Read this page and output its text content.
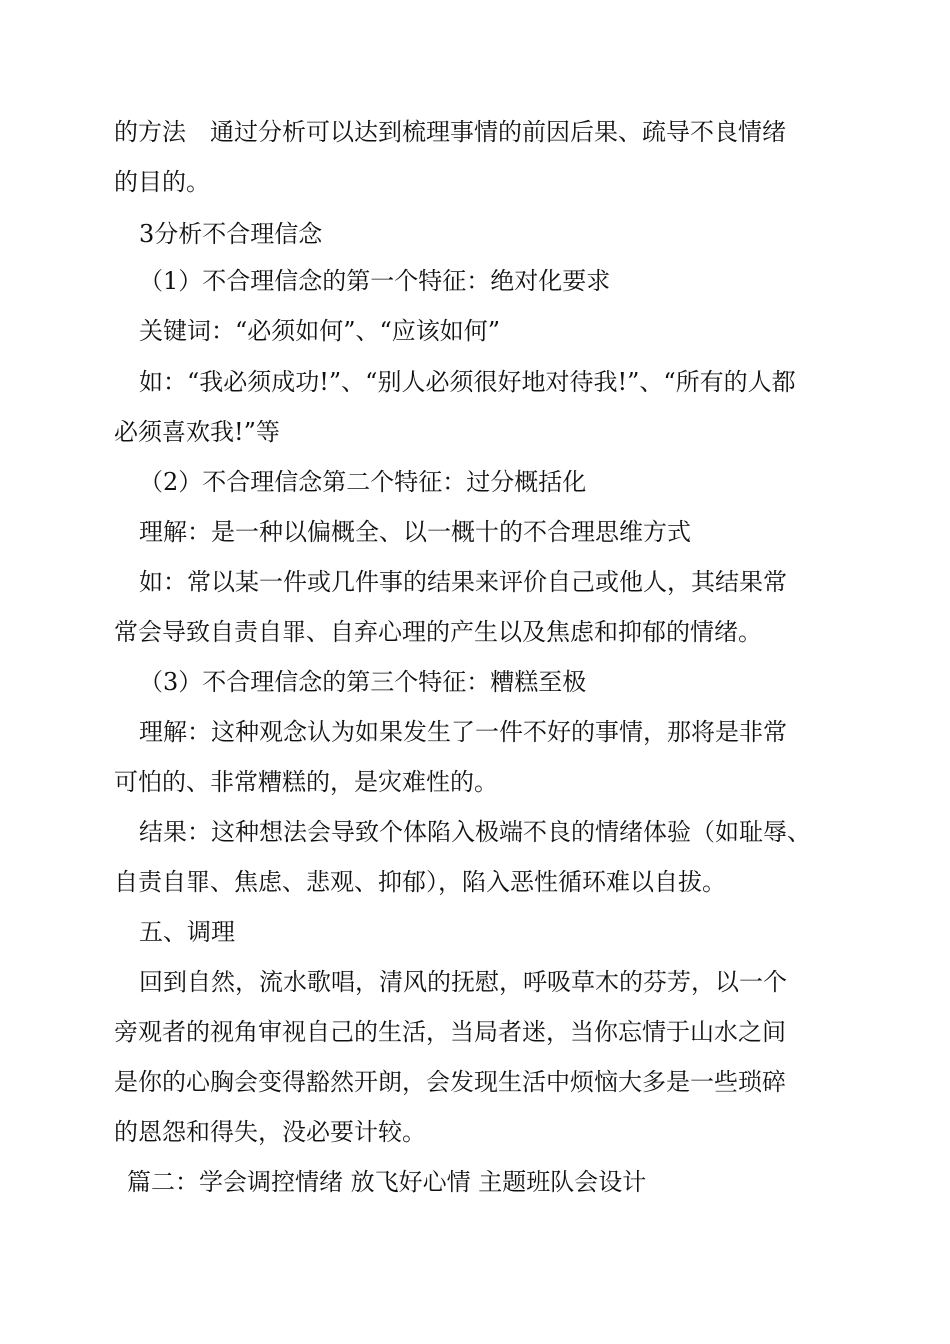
的方法　通过分析可以达到梳理事情的前因后果、疏导不良情绪
的目的。
3分析不合理信念
（1）不合理信念的第一个特征：绝对化要求
关键词：“必须如何”、“应该如何”
如：“我必须成功!”、“别人必须很好地对待我!”、“所有的人都
必须喜欢我!”等
（2）不合理信念第二个特征：过分概括化
理解：是一种以偏概全、以一概十的不合理思维方式
如：常以某一件或几件事的结果来评价自己或他人，其结果常
常会导致自责自罪、自弃心理的产生以及焦虑和抑郁的情绪。
（3）不合理信念的第三个特征：糟糕至极
理解：这种观念认为如果发生了一件不好的事情，那将是非常
可怕的、非常糟糕的，是灾难性的。
结果：这种想法会导致个体陷入极端不良的情绪体验（如耻辱、
自责自罪、焦虑、悲观、抑郁），陷入恶性循环难以自拔。
五、调理
回到自然，流水歌唱，清风的抚慰，呼吸草木的芬芳，以一个
旁观者的视角审视自己的生活，当局者迷，当你忘情于山水之间
是你的心胸会变得豁然开朗，会发现生活中烦恼大多是一些琐碎
的恩怨和得失，没必要计较。
篇二：学会调控情绪 放飞好心情 主题班队会设计
